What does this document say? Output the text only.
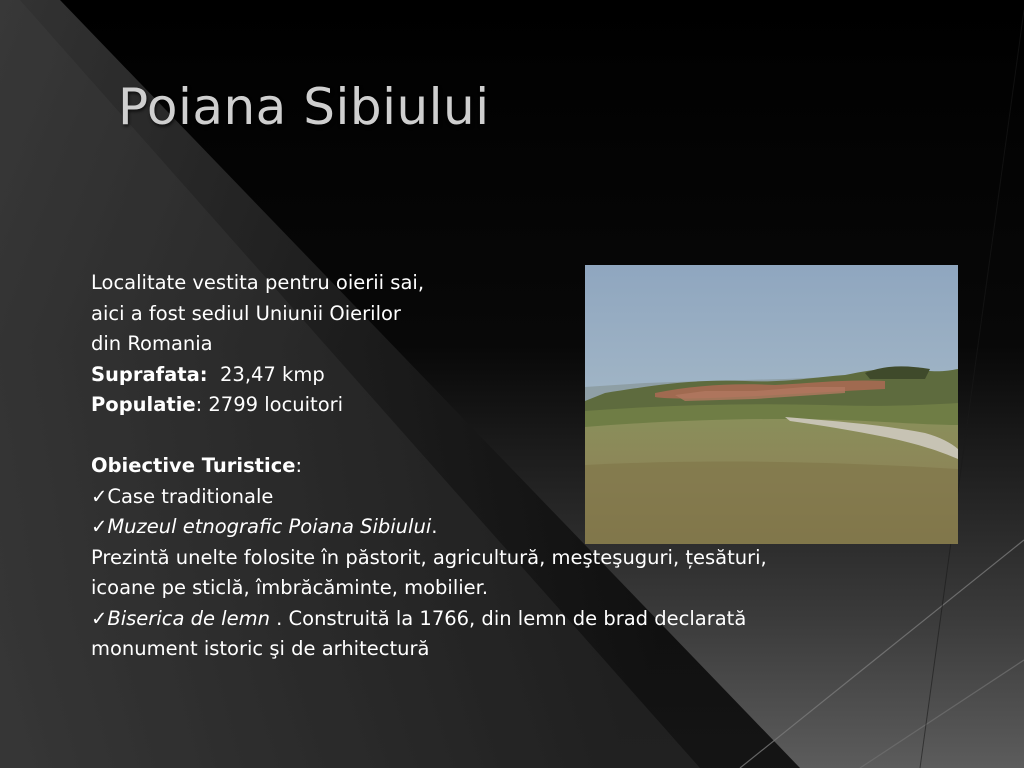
Poiana Sibiului
Localitate vestita pentru oierii sai,
aici a fost sediul Uniunii Oierilor
din Romania
Suprafata: 23,47 kmp
Populatie: 2799 locuitori
Obiective Turistice:
✓Case traditionale
✓Muzeul etnografic Poiana Sibiului.
Prezintă unelte folosite în păstorit, agricultură, meşteşuguri, țesături,
icoane pe sticlă, îmbrăcăminte, mobilier.
✓Biserica de lemn . Construită la 1766, din lemn de brad declarată
monument istoric şi de arhitectură
